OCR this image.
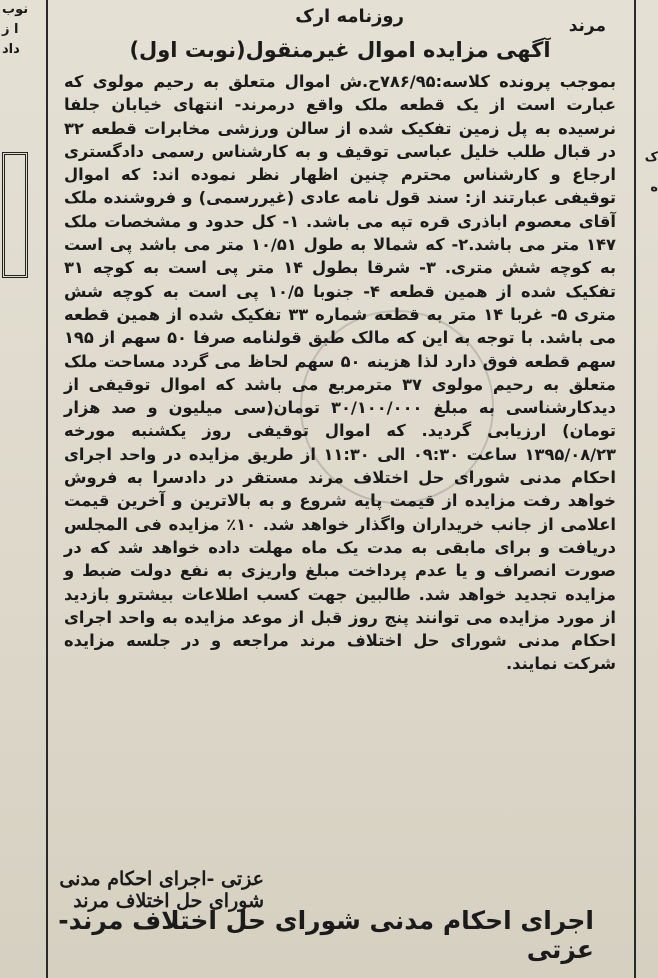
نوب
ا ز
داد
ک
ه
مرند
روزنامه ارک
آگهی مزایده اموال غیرمنقول(نوبت اول)
بموجب پرونده کلاسه:۷۸۶/۹۵ح.ش اموال متعلق به رحیم مولوی که عبارت است از یک قطعه ملک واقع درمرند- انتهای خیابان جلفا نرسیده به پل زمین تفکیک شده از سالن ورزشی مخابرات قطعه ۳۲ در قبال طلب خلیل عباسی توقیف و به کارشناس رسمی دادگستری ارجاع و کارشناس محترم چنین اظهار نظر نموده اند: که اموال توقیفی عبارتند از: سند قول نامه عادی (غیررسمی) و فروشنده ملک آقای معصوم اباذری قره تپه می باشد. ۱- کل حدود و مشخصات ملک ۱۴۷ متر می باشد.۲- که شمالا به طول ۱۰/۵۱ متر می باشد پی است به کوچه شش متری. ۳- شرقا بطول ۱۴ متر پی است به کوچه ۳۱ تفکیک شده از همین قطعه ۴- جنوبا ۱۰/۵ پی است به کوچه شش متری ۵- غربا ۱۴ متر به قطعه شماره ۳۳ تفکیک شده از همین قطعه می باشد. با توجه به این که مالک طبق قولنامه صرفا ۵۰ سهم از ۱۹۵ سهم قطعه فوق دارد لذا هزینه ۵۰ سهم لحاظ می گردد مساحت ملک متعلق به رحیم مولوی ۳۷ مترمربع می باشد که اموال توقیفی از دیدکارشناسی به مبلغ ۳۰/۱۰۰/۰۰۰ تومان(سی میلیون و صد هزار تومان) ارزیابی گردید. که اموال توقیفی روز یکشنبه مورخه ۱۳۹۵/۰۸/۲۳ ساعت ۰۹:۳۰ الی ۱۱:۳۰ از طریق مزایده در واحد اجرای احکام مدنی شورای حل اختلاف مرند مستقر در دادسرا به فروش خواهد رفت مزایده از قیمت پایه شروع و به بالاترین و آخرین قیمت اعلامی از جانب خریداران واگذار خواهد شد. ۱۰٪ مزایده فی المجلس دریافت و برای مابقی به مدت یک ماه مهلت داده خواهد شد که در صورت انصراف و یا عدم پرداخت مبلغ واریزی به نفع دولت ضبط و مزایده تجدید خواهد شد. طالبین جهت کسب اطلاعات بیشترو بازدید از مورد مزایده می توانند پنج روز قبل از موعد مزایده به واحد اجرای احکام مدنی شورای حل اختلاف مرند مراجعه و در جلسه مزایده شرکت نمایند.
عزتی -اجرای احکام مدنی شورای حل اختلاف مرند
اجرای احکام مدنی شورای حل اختلاف مرند- عزتی
